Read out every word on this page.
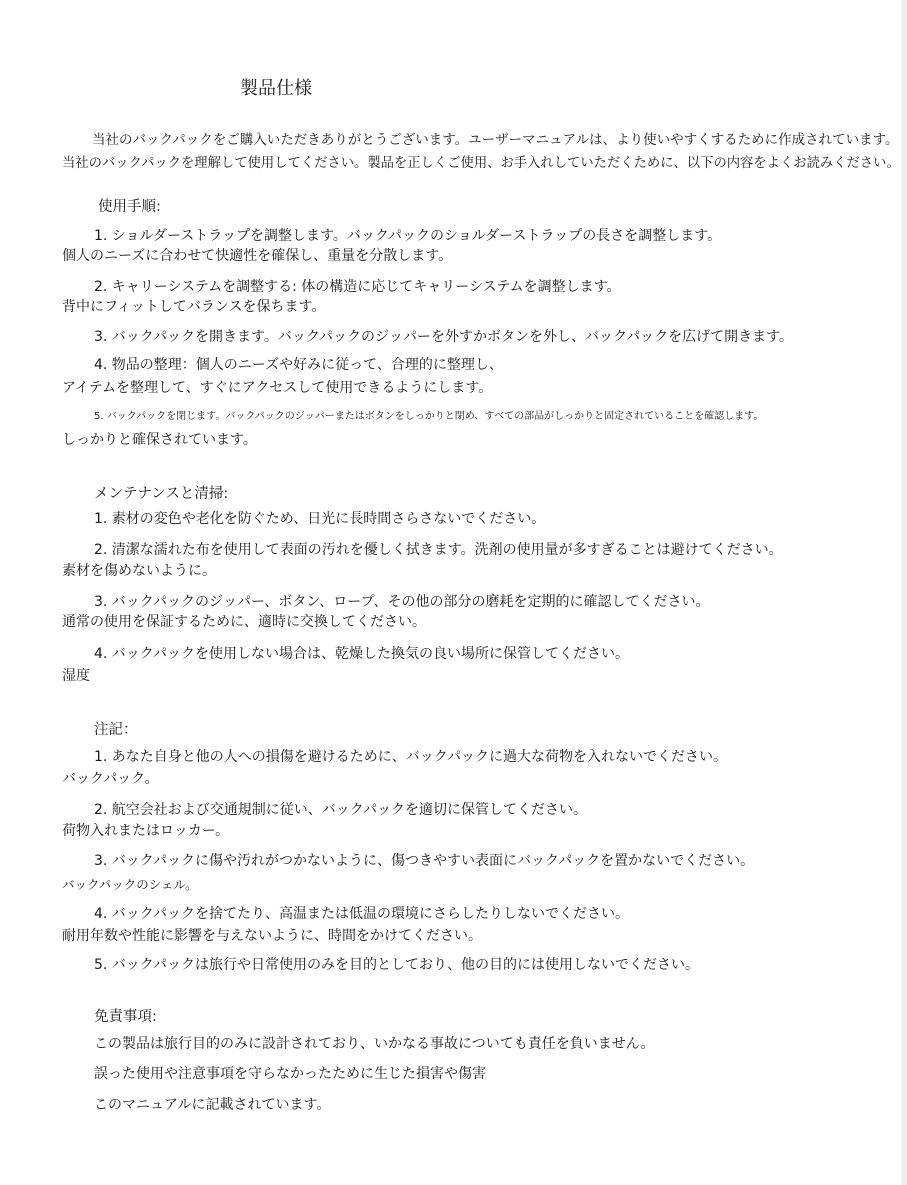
製品仕様

当社のバックパックをご購入いただきありがとうございます。ユーザーマニュアルは、より使いやすくするために作成されています。

当社のバックパックを理解して使用してください。製品を正しくご使用、お手入れしていただくために、以下の内容をよくお読みください。

使用手順:

1. ショルダーストラップを調整します。バックパックのショルダーストラップの長さを調整します。

個人のニーズに合わせて快適性を確保し、重量を分散します。

2. キャリーシステムを調整する: 体の構造に応じてキャリーシステムを調整します。

背中にフィットしてバランスを保ちます。

3. バックパックを開きます。バックパックのジッパーを外すかボタンを外し、バックパックを広げて開きます。

4. 物品の整理：個人のニーズや好みに従って、合理的に整理し、

アイテムを整理して、すぐにアクセスして使用できるようにします。

5. バックパックを閉じます。バックパックのジッパーまたはボタンをしっかりと閉め、すべての部品がしっかりと固定されていることを確認します。

しっかりと確保されています。

メンテナンスと清掃:

1. 素材の変色や老化を防ぐため、日光に長時間さらさないでください。

2. 清潔な濡れた布を使用して表面の汚れを優しく拭きます。洗剤の使用量が多すぎることは避けてください。

素材を傷めないように。

3. バックパックのジッパー、ボタン、ロープ、その他の部分の磨耗を定期的に確認してください。

通常の使用を保証するために、適時に交換してください。

4. バックパックを使用しない場合は、乾燥した換気の良い場所に保管してください。

湿度

注記：

1. あなた自身と他の人への損傷を避けるために、バックパックに過大な荷物を入れないでください。

バックパック。

2. 航空会社および交通規制に従い、バックパックを適切に保管してください。

荷物入れまたはロッカー。

3. バックパックに傷や汚れがつかないように、傷つきやすい表面にバックパックを置かないでください。

バックパックのシェル。

4. バックパックを捨てたり、高温または低温の環境にさらしたりしないでください。

耐用年数や性能に影響を与えないように、時間をかけてください。

5. バックパックは旅行や日常使用のみを目的としており、他の目的には使用しないでください。

免責事項:

この製品は旅行目的のみに設計されており、いかなる事故についても責任を負いません。

誤った使用や注意事項を守らなかったために生じた損害や傷害

このマニュアルに記載されています。
